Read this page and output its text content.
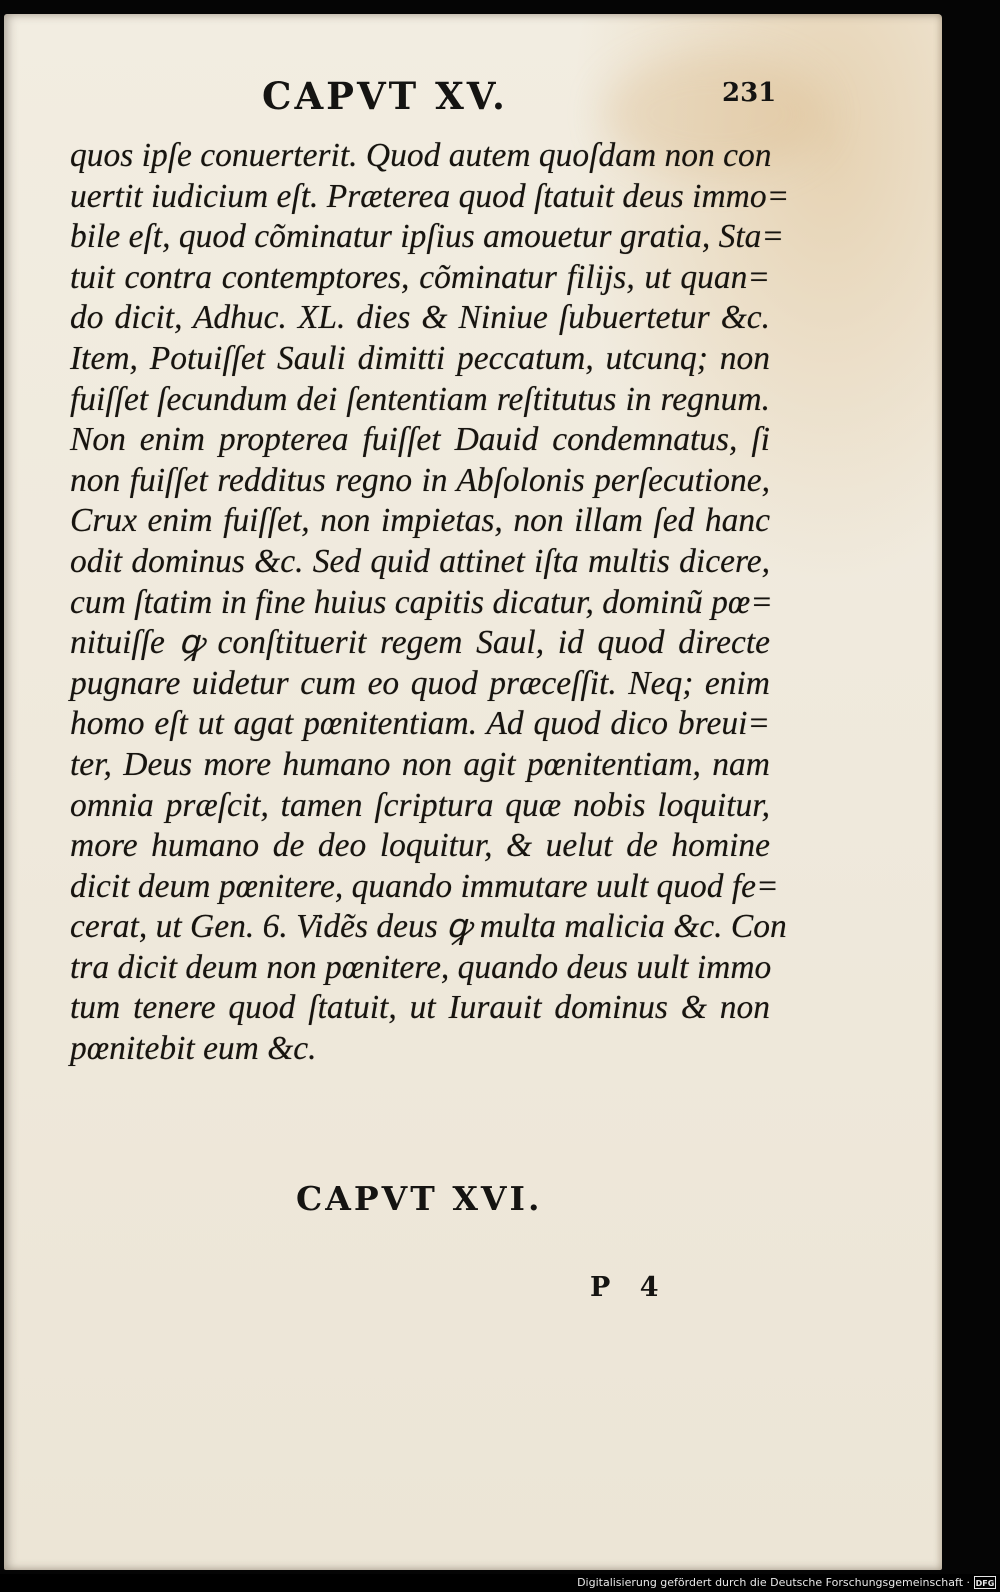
CAPVT XV.	231
quos ipſe conuerterit. Quod autem quoſdam non con
uertit iudicium eſt. Præterea quod ſtatuit deus immo=
bile eſt, quod cõminatur ipſius amouetur gratia, Sta=
tuit contra contemptores, cõminatur filijs, ut quan=
do dicit, Adhuc. XL. dies & Niniue ſubuertetur &c.
Item, Potuiſſet Sauli dimitti peccatum, utcunq; non
fuiſſet ſecundum dei ſententiam reſtitutus in regnum.
Non enim propterea fuiſſet Dauid condemnatus, ſi
non fuiſſet redditus regno in Abſolonis perſecutione,
Crux enim fuiſſet, non impietas, non illam ſed hanc
odit dominus &c. Sed quid attinet iſta multis dicere,
cum ſtatim in fine huius capitis dicatur, dominũ pœ=
nituiſſe ꝙ conſtituerit regem Saul, id quod directe
pugnare uidetur cum eo quod præceſſit. Neq; enim
homo eſt ut agat pœnitentiam. Ad quod dico breui=
ter, Deus more humano non agit pœnitentiam, nam
omnia præſcit, tamen ſcriptura quæ nobis loquitur,
more humano de deo loquitur, & uelut de homine
dicit deum pœnitere, quando immutare uult quod fe=
cerat, ut Gen. 6. Vidẽs deus ꝙ multa malicia &c. Con
tra dicit deum non pœnitere, quando deus uult immo
tum tenere quod ſtatuit, ut Iurauit dominus & non
pœnitebit eum &c.
CAPVT XVI.
P 4
Digitalisierung gefördert durch die Deutsche Forschungsgemeinschaft · DFG
